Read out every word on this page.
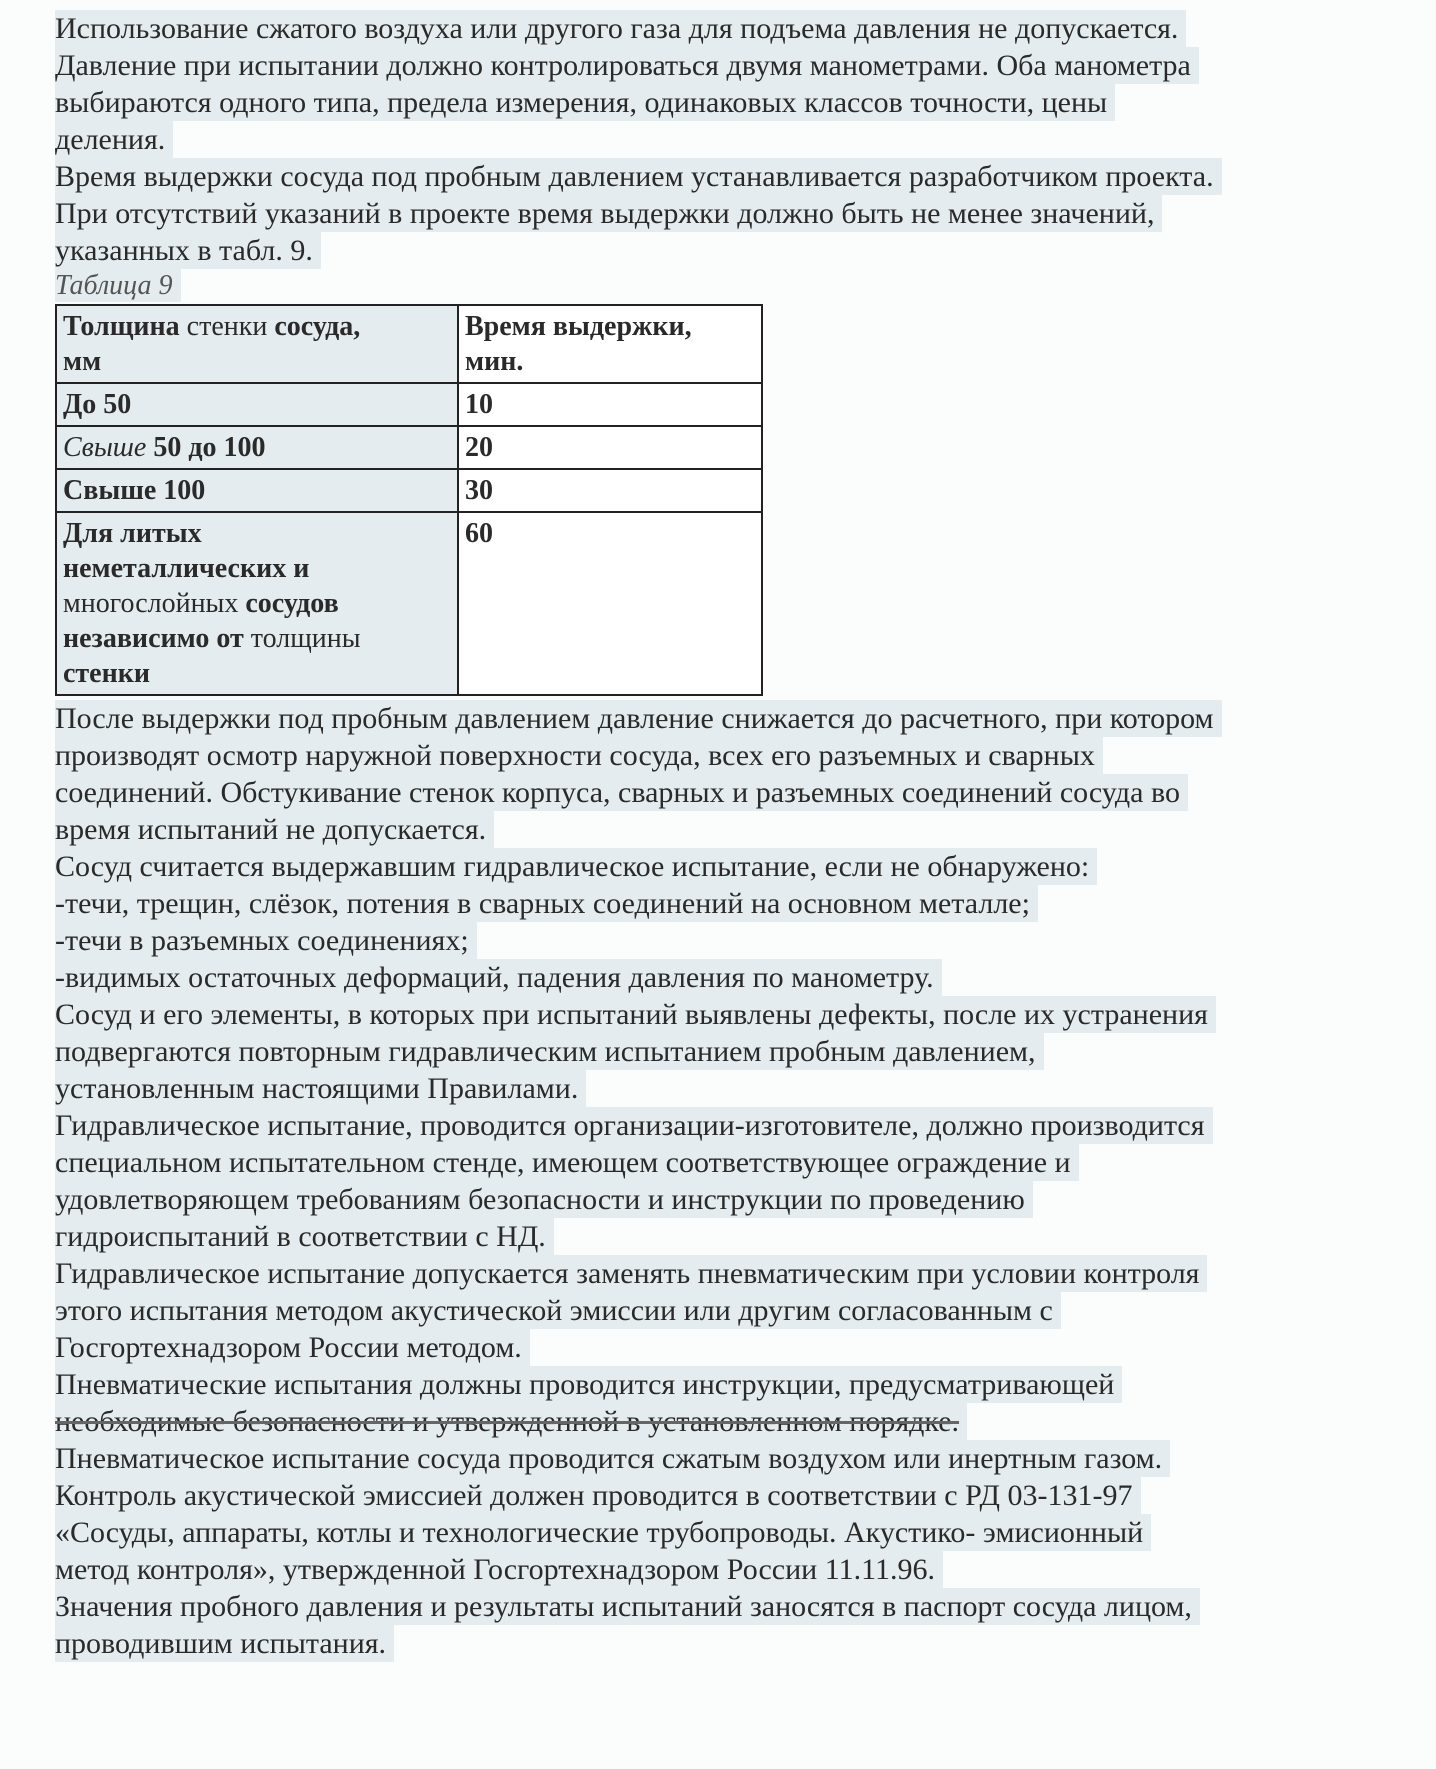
Использование сжатого воздуха или другого газа для подъема давления не допускается.
Давление при испытании должно контролироваться двумя манометрами. Оба манометра
выбираются одного типа, предела измерения, одинаковых классов точности, цены
деления.
Время выдержки сосуда под пробным давлением устанавливается разработчиком проекта.
При отсутствий указаний в проекте время выдержки должно быть не менее значений,
указанных в табл. 9.
Таблица 9
Толщина стенки сосуда,
мм	Время выдержки,
мин.
До 50	10
Свыше 50 до 100	20
Свыше 100	30
Для литых
неметаллических и
многослойных сосудов
независимо от толщины
стенки	60
После выдержки под пробным давлением давление снижается до расчетного, при котором
производят осмотр наружной поверхности сосуда, всех его разъемных и сварных
соединений. Обстукивание стенок корпуса, сварных и разъемных соединений сосуда во
время испытаний не допускается.
Сосуд считается выдержавшим гидравлическое испытание, если не обнаружено:
-течи, трещин, слёзок, потения в сварных соединений на основном металле;
-течи в разъемных соединениях;
-видимых остаточных деформаций, падения давления по манометру.
Сосуд и его элементы, в которых при испытаний выявлены дефекты, после их устранения
подвергаются повторным гидравлическим испытанием пробным давлением,
установленным настоящими Правилами.
Гидравлическое испытание, проводится организации-изготовителе, должно производится
специальном испытательном стенде, имеющем соответствующее ограждение и
удовлетворяющем требованиям безопасности и инструкции по проведению
гидроиспытаний в соответствии с НД.
Гидравлическое испытание допускается заменять пневматическим при условии контроля
этого испытания методом акустической эмиссии или другим согласованным с
Госгортехнадзором России методом.
Пневматические испытания должны проводится инструкции, предусматривающей
необходимые безопасности и утвержденной в установленном порядке.
Пневматическое испытание сосуда проводится сжатым воздухом или инертным газом.
Контроль акустической эмиссией должен проводится в соответствии с РД 03-131-97
«Сосуды, аппараты, котлы и технологические трубопроводы. Акустико- эмисионный
метод контроля», утвержденной Госгортехнадзором России 11.11.96.
Значения пробного давления и результаты испытаний заносятся в паспорт сосуда лицом,
проводившим испытания.
